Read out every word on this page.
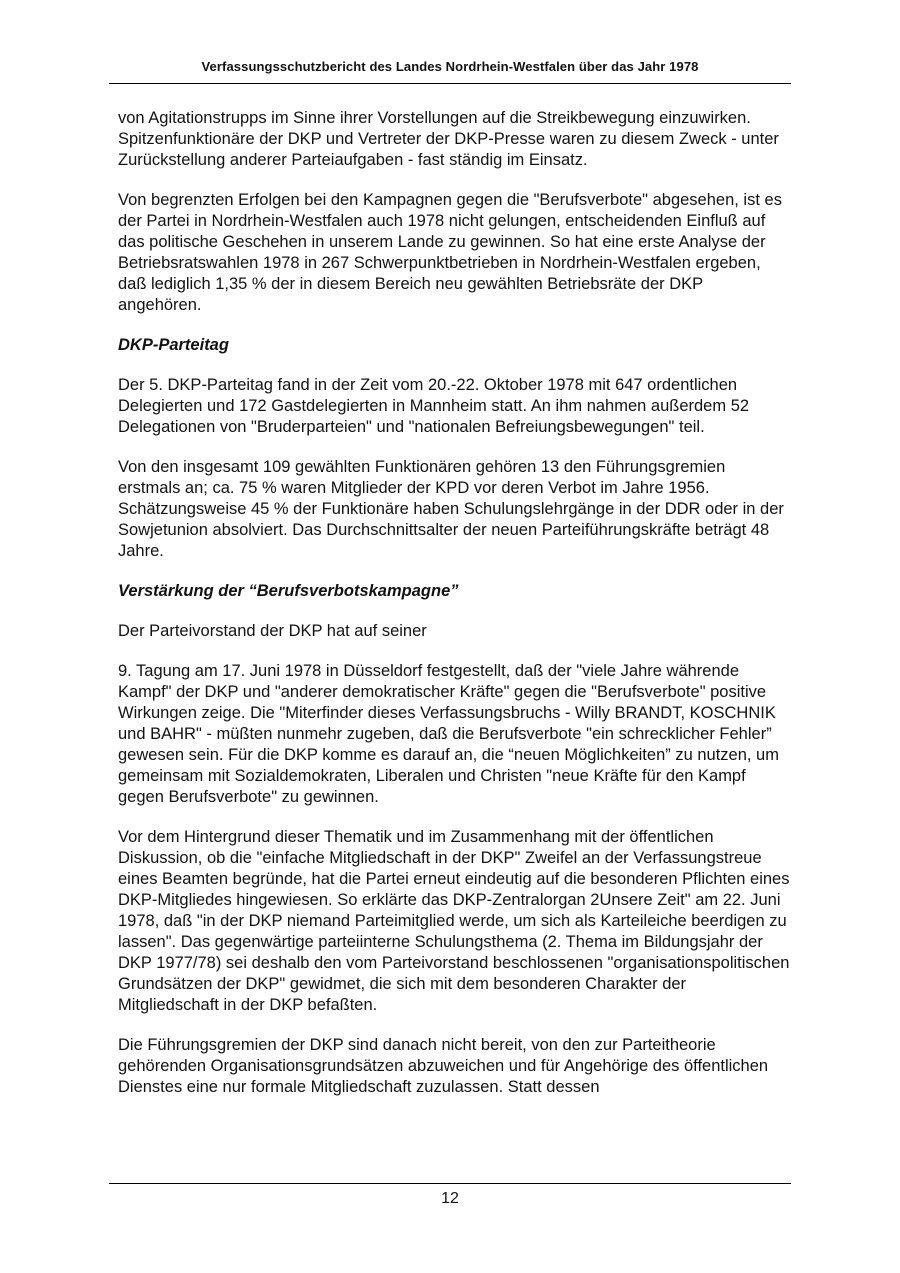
Verfassungsschutzbericht des Landes Nordrhein-Westfalen über das Jahr 1978

von Agitationstrupps im Sinne ihrer Vorstellungen auf die Streikbewegung einzuwirken. Spitzenfunktionäre der DKP und Vertreter der DKP-Presse waren zu diesem Zweck - unter Zurückstellung anderer Parteiaufgaben - fast ständig im Einsatz.

Von begrenzten Erfolgen bei den Kampagnen gegen die "Berufsverbote" abgesehen, ist es der Partei in Nordrhein-Westfalen auch 1978 nicht gelungen, entscheidenden Einfluß auf das politische Geschehen in unserem Lande zu gewinnen. So hat eine erste Analyse der Betriebsratswahlen 1978 in 267 Schwerpunktbetrieben in Nordrhein-Westfalen ergeben, daß lediglich 1,35 % der in diesem Bereich neu gewählten Betriebsräte der DKP angehören.

DKP-Parteitag

Der 5. DKP-Parteitag fand in der Zeit vom 20.-22. Oktober 1978 mit 647 ordentlichen Delegierten und 172 Gastdelegierten in Mannheim statt. An ihm nahmen außerdem 52 Delegationen von "Bruderparteien" und "nationalen Befreiungsbewegungen" teil.

Von den insgesamt 109 gewählten Funktionären gehören 13 den Führungsgremien erstmals an; ca. 75 % waren Mitglieder der KPD vor deren Verbot im Jahre 1956. Schätzungsweise 45 % der Funktionäre haben Schulungslehrgänge in der DDR oder in der Sowjetunion absolviert. Das Durchschnittsalter der neuen Parteiführungskräfte beträgt 48 Jahre.

Verstärkung der “Berufsverbotskampagne”

Der Parteivorstand der DKP hat auf seiner

9. Tagung am 17. Juni 1978 in Düsseldorf festgestellt, daß der "viele Jahre währende Kampf" der DKP und "anderer demokratischer Kräfte" gegen die "Berufsverbote" positive Wirkungen zeige. Die "Miterfinder dieses Verfassungsbruchs - Willy BRANDT, KOSCHNIK und BAHR" - müßten nunmehr zugeben, daß die Berufsverbote "ein schrecklicher Fehler” gewesen sein. Für die DKP komme es darauf an, die “neuen Möglichkeiten” zu nutzen, um gemeinsam mit Sozialdemokraten, Liberalen und Christen "neue Kräfte für den Kampf gegen Berufsverbote" zu gewinnen.

Vor dem Hintergrund dieser Thematik und im Zusammenhang mit der öffentlichen Diskussion, ob die "einfache Mitgliedschaft in der DKP" Zweifel an der Verfassungstreue eines Beamten begründe, hat die Partei erneut eindeutig auf die besonderen Pflichten eines DKP-Mitgliedes hingewiesen. So erklärte das DKP-Zentralorgan 2Unsere Zeit" am 22. Juni 1978, daß "in der DKP niemand Parteimitglied werde, um sich als Karteileiche beerdigen zu lassen". Das gegenwärtige parteiinterne Schulungsthema (2. Thema im Bildungsjahr der DKP 1977/78) sei deshalb den vom Parteivorstand beschlossenen "organisationspolitischen Grundsätzen der DKP" gewidmet, die sich mit dem besonderen Charakter der Mitgliedschaft in der DKP befaßten.

Die Führungsgremien der DKP sind danach nicht bereit, von den zur Parteitheorie gehörenden Organisationsgrundsätzen abzuweichen und für Angehörige des öffentlichen Dienstes eine nur formale Mitgliedschaft zuzulassen. Statt dessen

12
